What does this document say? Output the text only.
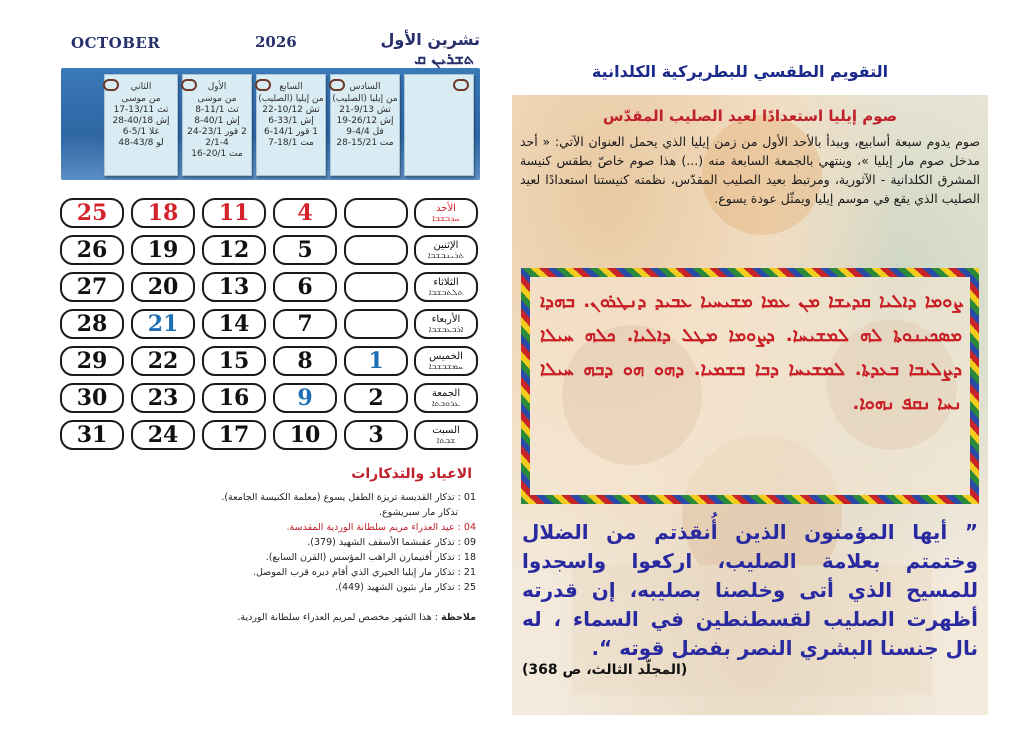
OCTOBER	2026	تشرين الأول ܬܫܪܝܢ ܩ
السادس
من إيليا (الصليب)
تش 9/13-21
إش 26/12-19
فل 4/4-9
مت 15/21-28
السابع
من إيليا (الصليب)
تش 10/12-22
إش 33/1-6
1 قور 14/1-6
مت 18/1-7
الأول
من موسى
تث 11/1-8
إش 40/1-8
2 قور 23/1-24
2/1-4
مت 20/1-16
الثاني
من موسى
تث 13/11-17
إش 40/18-28
غلا 5/1-6
لو 43/8-48
الأحد
ܚܕܒܫܒܐ
الإثنين
ܬܪܝܢܒܫܒܐ
الثلاثاء
ܬܠܬܒܫܒܐ
الأربعاء
ܐܪܒܥܒܫܒܐ
الخميس
ܚܡܫܒܫܒܐ
الجمعة
ܥܪܘܒܬܐ
السبت
ܫܒܬܐ
4
11
18
25
5
12
19
26
6
13
20
27
7
14
21
28
1
8
15
22
29
2
9
16
23
30
3
10
17
24
31
الاعياد والتذكارات
01 : تذكار القديسة تريزة الطفل يسوع (معلمة الكنيسة الجامعة).
تذكار مار سبريشوع.
04 : عيد العذراء مريم سلطانة الوردية المقدسة.
09 : تذكار عقبشما الأسقف الشهيد (379).
18 : تذكار أفنيمارن الراهب المؤسس (القرن السابع).
21 : تذكار مار إيليا الحيري الذي أقام ديره قرب الموصل.
25 : تذكار مار بثيون الشهيد (449).
ملاحظة : هذا الشهر مخصص لمريم العذراء سلطانة الوردية.
التقويم الطقسي للبطريركية الكلدانية
صوم إيليا استعدادًا لعيد الصليب المقدّس
صوم يدوم سبعة أسابيع، ويبدأ بالأحد الأول من زمن إيليا الذي يحمل العنوان الآتي: « أحد مدخل صوم مار إيليا »، وينتهي بالجمعة السابعة منه (...) هذا صوم خاصّ بطقس كنيسة المشرق الكلدانية - الآثورية، ومرتبط بعيد الصليب المقدّس، نظمته كنيستنا استعدادًا لعيد الصليب الذي يقع في موسم إيليا ويمثّل عودة يسوع.
ܨܘܡܐ ܕܐܠܝܐ ܩܕܝܫܐ ܡܢ ܥܡܐ ܡܫܝܚܝܐ ܥܒܝܕ ܕܢܛܪܘܢ. ܒܗܕܐ ܡܣܟܝܢܘܬܐ ܠܗ ܠܡܫܝܚܐ. ܕܨܘܡܐ ܡܛܠ ܕܐܠܝܐ. ܟܠܗ ܚܝܠܐ ܕܨܠܝܒܐ ܒܥܕܬܐ. ܠܡܫܝܚܐ ܕܒܐ ܒܫܡܝܐ. ܕܗܘ ܗܘ ܕܒܗ ܚܝܠܐ ܢܚܐ ܢܩܦ ܢܗܘܐ.
” أيها المؤمنون الذين أُنقذتم من الضلال وختمتم بعلامة الصليب، اركعوا واسجدوا للمسيح الذي أتى وخلصنا بصليبه، إن قدرته أظهرت الصليب لقسطنطين في السماء ، له نال جنسنا البشري النصر بفضل قوته “.
(المجلّد الثالث، ص 368)
